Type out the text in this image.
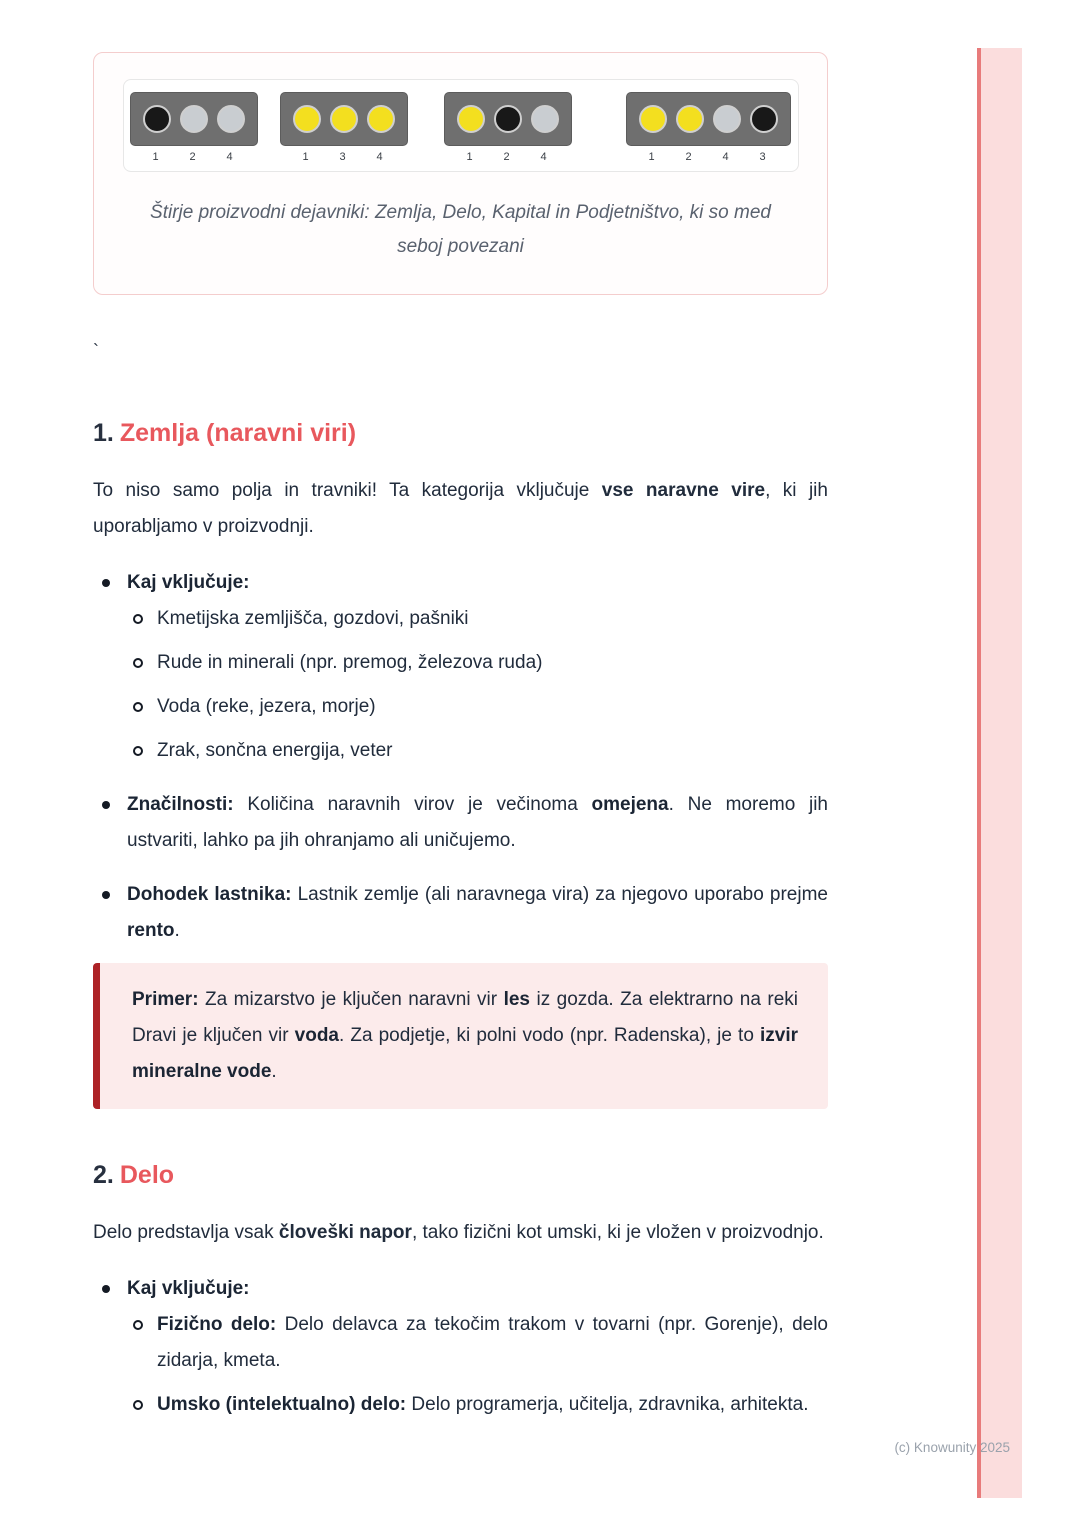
(c) Knowunity 2025
1	2	4	1	3	4	1	2	4	1	2	4	3
Štirje proizvodni dejavniki: Zemlja, Delo, Kapital in Podjetništvo, ki so med seboj povezani
`
1. Zemlja (naravni viri)

To niso samo polja in travniki! Ta kategorija vključuje vse naravne vire, ki jih uporabljamo v proizvodnji.

Kaj vključuje:
Kmetijska zemljišča, gozdovi, pašniki
Rude in minerali (npr. premog, železova ruda)
Voda (reke, jezera, morje)
Zrak, sončna energija, veter
Značilnosti: Količina naravnih virov je večinoma omejena. Ne moremo jih ustvariti, lahko pa jih ohranjamo ali uničujemo.
Dohodek lastnika: Lastnik zemlje (ali naravnega vira) za njegovo uporabo prejme rento.
Primer: Za mizarstvo je ključen naravni vir les iz gozda. Za elektrarno na reki Dravi je ključen vir voda. Za podjetje, ki polni vodo (npr. Radenska), je to izvir mineralne vode.
2. Delo

Delo predstavlja vsak človeški napor, tako fizični kot umski, ki je vložen v proizvodnjo.

Kaj vključuje:
Fizično delo: Delo delavca za tekočim trakom v tovarni (npr. Gorenje), delo zidarja, kmeta.
Umsko (intelektualno) delo: Delo programerja, učitelja, zdravnika, arhitekta.
